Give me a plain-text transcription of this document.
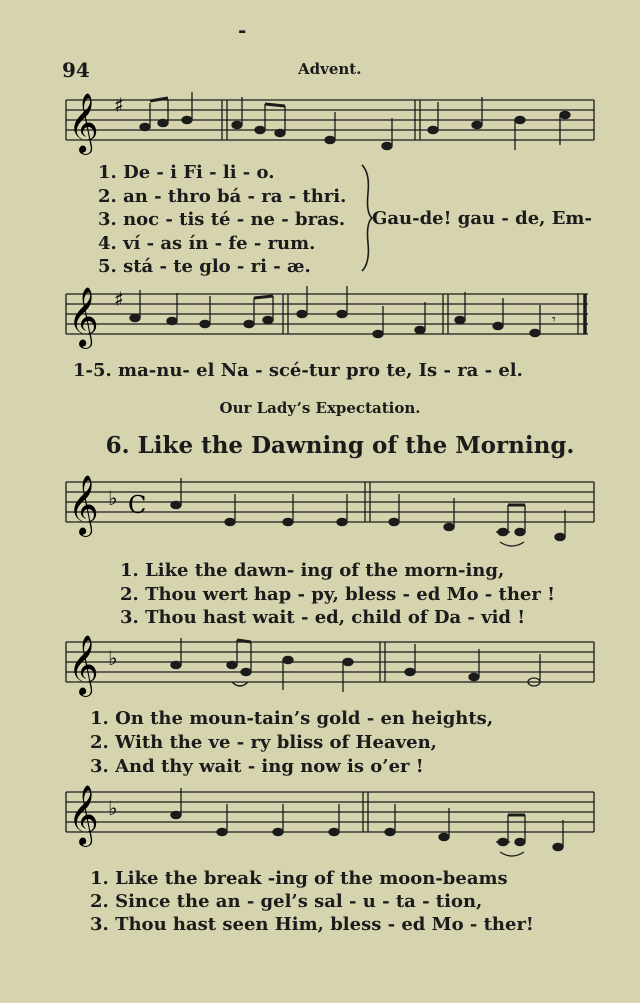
-
94	Advent.
𝄞 ♯
1. De - i Fi - li - o.
2. an - thro bá - ra - thri.
3. noc - tis té - ne - bras.
4. ví - as ín - fe - rum.
5. stá - te glo - ri - æ.
Gau-de! gau - de, Em-
𝄞 ♯
𝄾
1-5. ma-nu- el Na - scé-tur pro te, Is - ra - el.
Our Lady’s Expectation.
6. Like the Dawning of the Morning.
𝄞 ♭ C
1. Like the dawn- ing of the morn-ing,
2. Thou wert hap - py, bless - ed Mo - ther !
3. Thou hast wait - ed, child of Da - vid !
𝄞 ♭
1. On the moun-tain’s gold - en heights,
2. With the ve - ry bliss of Heaven,
3. And thy wait - ing now is o’er !
𝄞 ♭
1. Like the break -ing of the moon-beams
2. Since the an - gel’s sal - u - ta - tion,
3. Thou hast seen Him, bless - ed Mo - ther!
